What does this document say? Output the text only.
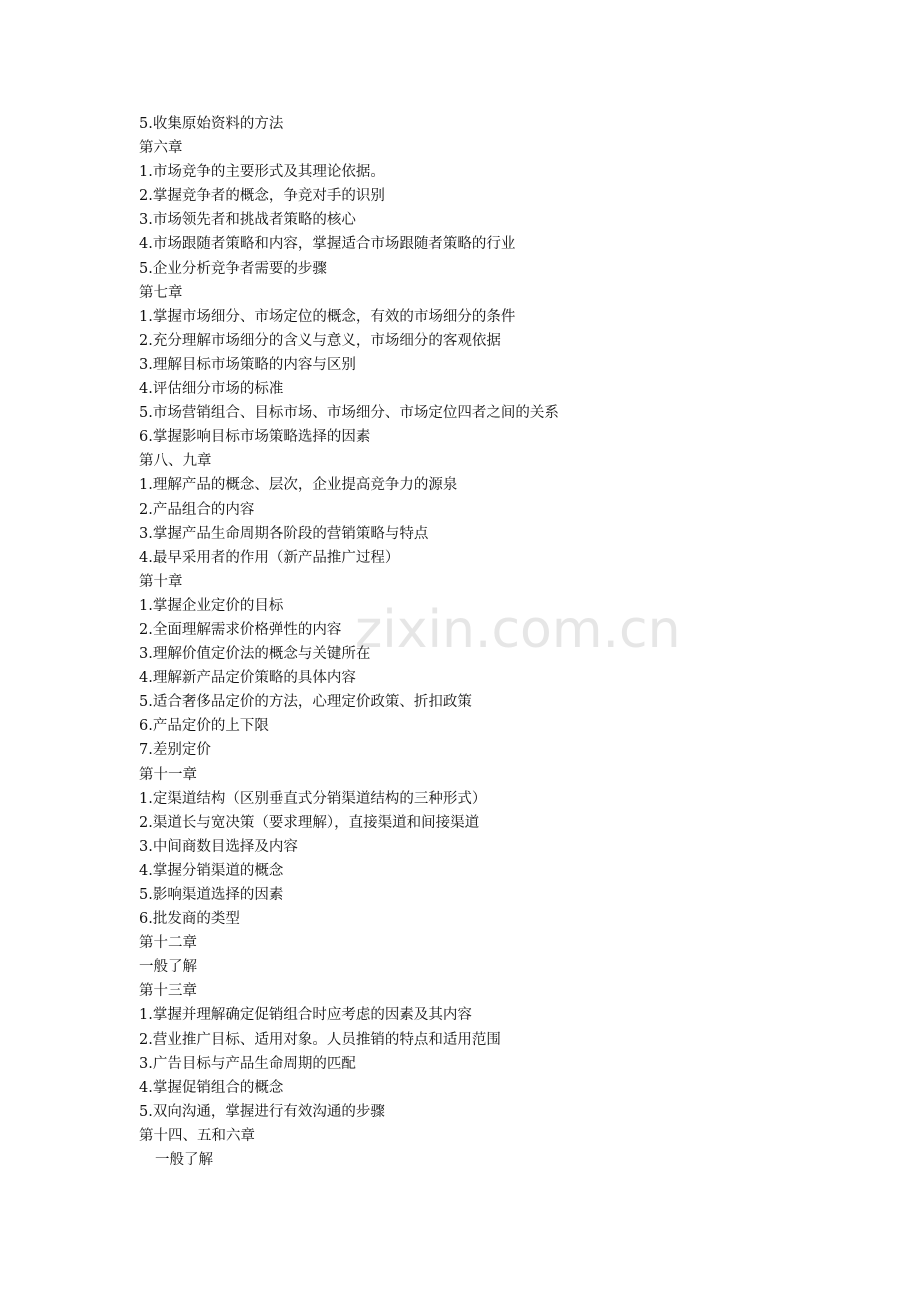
zixin.com.cn
5.收集原始资料的方法
第六章
1.市场竞争的主要形式及其理论依据。
2.掌握竞争者的概念，争竞对手的识别
3.市场领先者和挑战者策略的核心
4.市场跟随者策略和内容，掌握适合市场跟随者策略的行业
5.企业分析竞争者需要的步骤
第七章
1.掌握市场细分、市场定位的概念，有效的市场细分的条件
2.充分理解市场细分的含义与意义，市场细分的客观依据
3.理解目标市场策略的内容与区别
4.评估细分市场的标准
5.市场营销组合、目标市场、市场细分、市场定位四者之间的关系
6.掌握影响目标市场策略选择的因素
第八、九章
1.理解产品的概念、层次，企业提高竞争力的源泉
2.产品组合的内容
3.掌握产品生命周期各阶段的营销策略与特点
4.最早采用者的作用（新产品推广过程）
第十章
1.掌握企业定价的目标
2.全面理解需求价格弹性的内容
3.理解价值定价法的概念与关键所在
4.理解新产品定价策略的具体内容
5.适合奢侈品定价的方法，心理定价政策、折扣政策
6.产品定价的上下限
7.差别定价
第十一章
1.定渠道结构（区别垂直式分销渠道结构的三种形式）
2.渠道长与宽决策（要求理解），直接渠道和间接渠道
3.中间商数目选择及内容
4.掌握分销渠道的概念
5.影响渠道选择的因素
6.批发商的类型
第十二章
一般了解
第十三章
1.掌握并理解确定促销组合时应考虑的因素及其内容
2.营业推广目标、适用对象。人员推销的特点和适用范围
3.广告目标与产品生命周期的匹配
4.掌握促销组合的概念
5.双向沟通，掌握进行有效沟通的步骤
第十四、五和六章
一般了解
